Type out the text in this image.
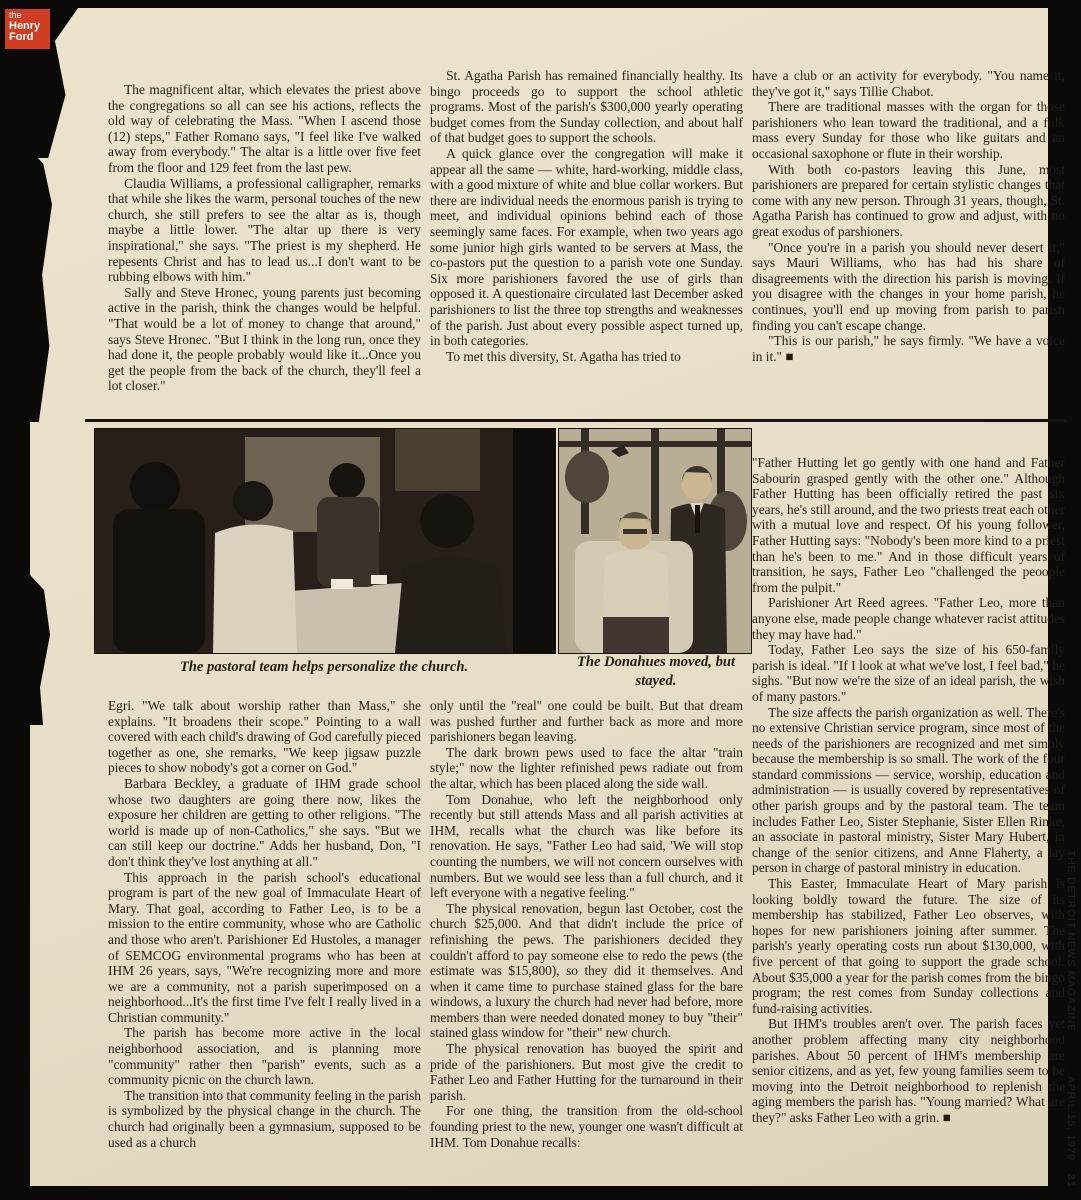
The magnificent altar, which elevates the priest above the congregations so all can see his actions, reflects the old way of celebrating the Mass. "When I ascend those (12) steps," Father Romano says, "I feel like I've walked away from everybody." The altar is a little over five feet from the floor and 129 feet from the last pew.

Claudia Williams, a professional calligrapher, remarks that while she likes the warm, personal touches of the new church, she still prefers to see the altar as is, though maybe a little lower. "The altar up there is very inspirational," she says. "The priest is my shepherd. He repesents Christ and has to lead us...I don't want to be rubbing elbows with him."

Sally and Steve Hronec, young parents just becoming active in the parish, think the changes would be helpful. "That would be a lot of money to change that around," says Steve Hronec. "But I think in the long run, once they had done it, the people probably would like it...Once you get the people from the back of the church, they'll feel a lot closer."

St. Agatha Parish has remained financially healthy. Its bingo proceeds go to support the school athletic programs. Most of the parish's $300,000 yearly operating budget comes from the Sunday collection, and about half of that budget goes to support the schools.

A quick glance over the congregation will make it appear all the same — white, hard-working, middle class, with a good mixture of white and blue collar workers. But there are individual needs the enormous parish is trying to meet, and individual opinions behind each of those seemingly same faces. For example, when two years ago some junior high girls wanted to be servers at Mass, the co-pastors put the question to a parish vote one Sunday. Six more parishioners favored the use of girls than opposed it. A questionaire circulated last December asked parishioners to list the three top strengths and weaknesses of the parish. Just about every possible aspect turned up, in both categories.

To met this diversity, St. Agatha has tried to

have a club or an activity for everybody. "You name it, they've got it," says Tillie Chabot.

There are traditional masses with the organ for those parishioners who lean toward the traditional, and a folk mass every Sunday for those who like guitars and an occasional saxophone or flute in their worship.

With both co-pastors leaving this June, most parishioners are prepared for certain stylistic changes that come with any new person. Through 31 years, though, St. Agatha Parish has continued to grow and adjust, with no great exodus of parshioners.

"Once you're in a parish you should never desert it," says Mauri Williams, who has had his share of disagreements with the direction his parish is moving. If you disagree with the changes in your home parish, he continues, you'll end up moving from parish to parish finding you can't escape change.

"This is our parish," he says firmly. "We have a voice in it." ■

The pastoral team helps personalize the church.	The Donahues moved, but stayed.

Egri. "We talk about worship rather than Mass," she explains. "It broadens their scope." Pointing to a wall covered with each child's drawing of God carefully pieced together as one, she remarks, "We keep jigsaw puzzle pieces to show nobody's got a corner on God."

Barbara Beckley, a graduate of IHM grade school whose two daughters are going there now, likes the exposure her children are getting to other religions. "The world is made up of non-Catholics," she says. "But we can still keep our doctrine." Adds her husband, Don, "I don't think they've lost anything at all."

This approach in the parish school's educational program is part of the new goal of Immaculate Heart of Mary. That goal, according to Father Leo, is to be a mission to the entire community, whose who are Catholic and those who aren't. Parishioner Ed Hustoles, a manager of SEMCOG environmental programs who has been at IHM 26 years, says, "We're recognizing more and more we are a community, not a parish superimposed on a neighborhood...It's the first time I've felt I really lived in a Christian community."

The parish has become more active in the local neighborhood association, and is planning more "community" rather then "parish" events, such as a community picnic on the church lawn.

The transition into that community feeling in the parish is symbolized by the physical change in the church. The church had originally been a gymnasium, supposed to be used as a church

only until the "real" one could be built. But that dream was pushed further and further back as more and more parishioners began leaving.

The dark brown pews used to face the altar "train style;" now the lighter refinished pews radiate out from the altar, which has been placed along the side wall.

Tom Donahue, who left the neighborhood only recently but still attends Mass and all parish activities at IHM, recalls what the church was like before its renovation. He says, "Father Leo had said, 'We will stop counting the numbers, we will not concern ourselves with numbers. But we would see less than a full church, and it left everyone with a negative feeling."

The physical renovation, begun last October, cost the church $25,000. And that didn't include the price of refinishing the pews. The parishioners decided they couldn't afford to pay someone else to redo the pews (the estimate was $15,800), so they did it themselves. And when it came time to purchase stained glass for the bare windows, a luxury the church had never had before, more members than were needed donated money to buy "their" stained glass window for "their" new church.

The physical renovation has buoyed the spirit and pride of the parishioners. But most give the credit to Father Leo and Father Hutting for the turnaround in their parish.

For one thing, the transition from the old-school founding priest to the new, younger one wasn't difficult at IHM. Tom Donahue recalls:

"Father Hutting let go gently with one hand and Father Sabourin grasped gently with the other one." Although Father Hutting has been officially retired the past six years, he's still around, and the two priests treat each other with a mutual love and respect. Of his young follower, Father Hutting says: "Nobody's been more kind to a priest than he's been to me." And in those difficult years of transition, he says, Father Leo "challenged the peoople from the pulpit."

Parishioner Art Reed agrees. "Father Leo, more than anyone else, made people change whatever racist attitudes they may have had."

Today, Father Leo says the size of his 650-family parish is ideal. "If I look at what we've lost, I feel bad," he sighs. "But now we're the size of an ideal parish, the wish of many pastors."

The size affects the parish organization as well. There's no extensive Christian service program, since most of the needs of the parishioners are recognized and met simply because the membership is so small. The work of the four standard commissions — service, worship, education and administration — is usually covered by representatives of other parish groups and by the pastoral team. The team includes Father Leo, Sister Stephanie, Sister Ellen Rinke, an associate in pastoral ministry, Sister Mary Hubert, in change of the senior citizens, and Anne Flaherty, a lay person in charge of pastoral ministry in education.

This Easter, Immaculate Heart of Mary parish is looking boldly toward the future. The size of its membership has stabilized, Father Leo observes, with hopes for new parishioners joining after summer. The parish's yearly operating costs run about $130,000, with five percent of that going to support the grade school. About $35,000 a year for the parish comes from the bingo program; the rest comes from Sunday collections and fund-raising activities.

But IHM's troubles aren't over. The parish faces yet another problem affecting many city neighborhood parishes. About 50 percent of IHM's membership are senior citizens, and as yet, few young families seem to be moving into the Detroit neighborhood to replenish the aging members the parish has. "Young married? What are they?" asks Father Leo with a grin. ■

THE DETROIT NEWS MAGAZINE
APRIL 15, 1979
31
the
Henry
Ford
